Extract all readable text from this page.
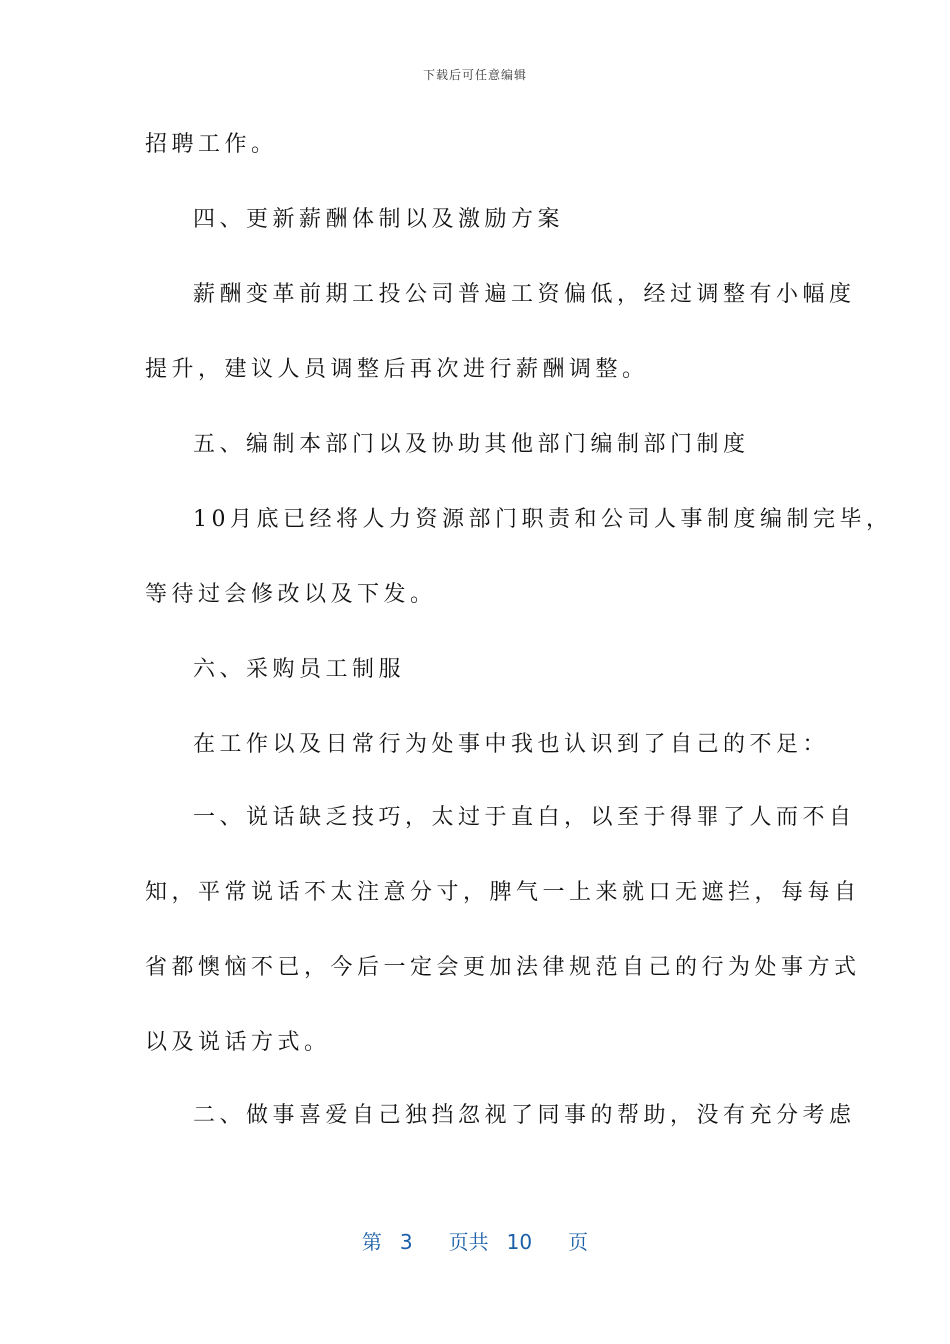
下载后可任意编辑
招聘工作。
四、更新薪酬体制以及激励方案
薪酬变革前期工投公司普遍工资偏低，经过调整有小幅度
提升，建议人员调整后再次进行薪酬调整。
五、编制本部门以及协助其他部门编制部门制度
10月底已经将人力资源部门职责和公司人事制度编制完毕，
等待过会修改以及下发。
六、采购员工制服
在工作以及日常行为处事中我也认识到了自己的不足：
一、说话缺乏技巧，太过于直白，以至于得罪了人而不自
知，平常说话不太注意分寸，脾气一上来就口无遮拦，每每自
省都懊恼不已，今后一定会更加法律规范自己的行为处事方式
以及说话方式。
二、做事喜爱自己独挡忽视了同事的帮助，没有充分考虑
第 3 页共 10 页
